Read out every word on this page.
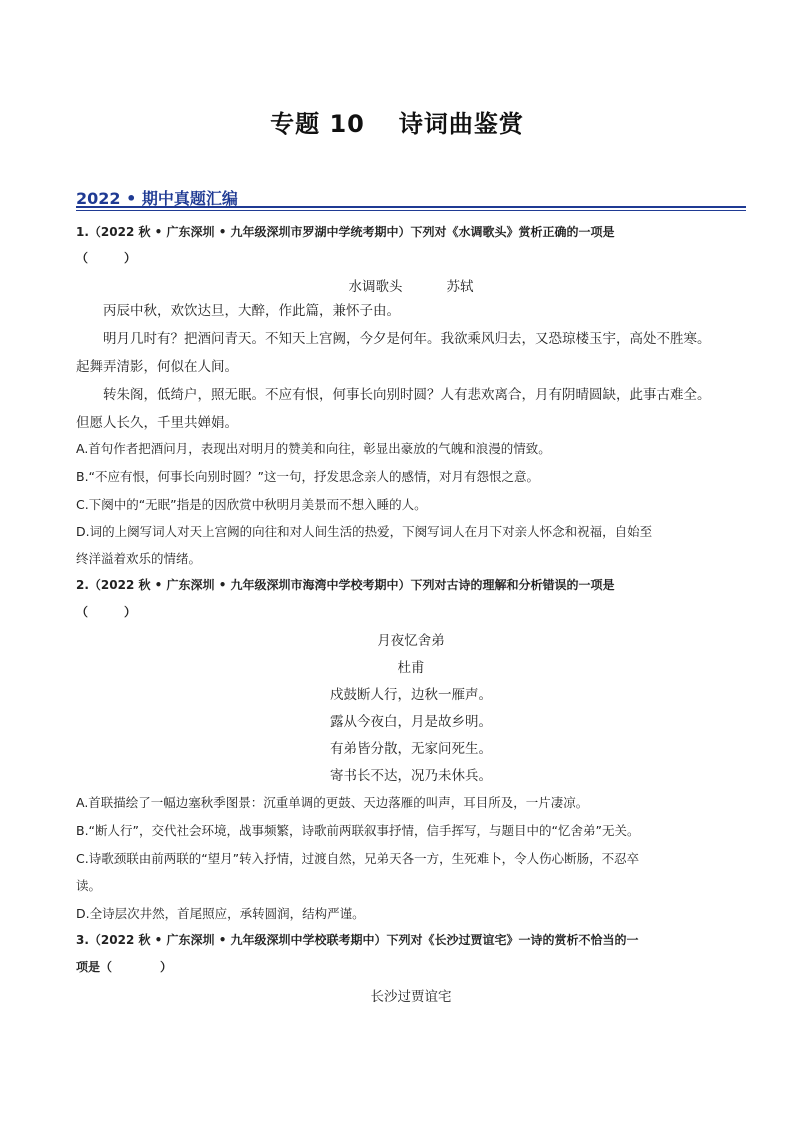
专题 10 诗词曲鉴赏
2022 • 期中真题汇编
1.（2022 秋 • 广东深圳 • 九年级深圳市罗湖中学统考期中）下列对《水调歌头》赏析正确的一项是
（　　　）
水调歌头	苏轼
丙辰中秋，欢饮达旦，大醉，作此篇，兼怀子由。
明月几时有？把酒问青天。不知天上宫阙，今夕是何年。我欲乘风归去，又恐琼楼玉宇，高处不胜寒。
起舞弄清影，何似在人间。
转朱阁，低绮户，照无眠。不应有恨，何事长向别时圆？人有悲欢离合，月有阴晴圆缺，此事古难全。
但愿人长久，千里共婵娟。
A.首句作者把酒问月，表现出对明月的赞美和向往，彰显出豪放的气魄和浪漫的情致。
B.“不应有恨，何事长向别时圆？”这一句，抒发思念亲人的感情，对月有怨恨之意。
C.下阕中的“无眠”指是的因欣赏中秋明月美景而不想入睡的人。
D.词的上阕写词人对天上宫阙的向往和对人间生活的热爱，下阕写词人在月下对亲人怀念和祝福，自始至
终洋溢着欢乐的情绪。
2.（2022 秋 • 广东深圳 • 九年级深圳市海湾中学校考期中）下列对古诗的理解和分析错误的一项是
（　　　）
月夜忆舍弟
杜甫
戍鼓断人行，边秋一雁声。
露从今夜白，月是故乡明。
有弟皆分散，无家问死生。
寄书长不达，况乃未休兵。
A.首联描绘了一幅边塞秋季图景：沉重单调的更鼓、天边落雁的叫声，耳目所及，一片凄凉。
B.“断人行”，交代社会环境，战事频繁，诗歌前两联叙事抒情，信手挥写，与题目中的“忆舍弟”无关。
C.诗歌颈联由前两联的“望月”转入抒情，过渡自然，兄弟天各一方，生死难卜，令人伤心断肠，不忍卒
读。
D.全诗层次井然，首尾照应，承转圆润，结构严谨。
3.（2022 秋 • 广东深圳 • 九年级深圳中学校联考期中）下列对《长沙过贾谊宅》一诗的赏析不恰当的一
项是（　　　　）
长沙过贾谊宅
